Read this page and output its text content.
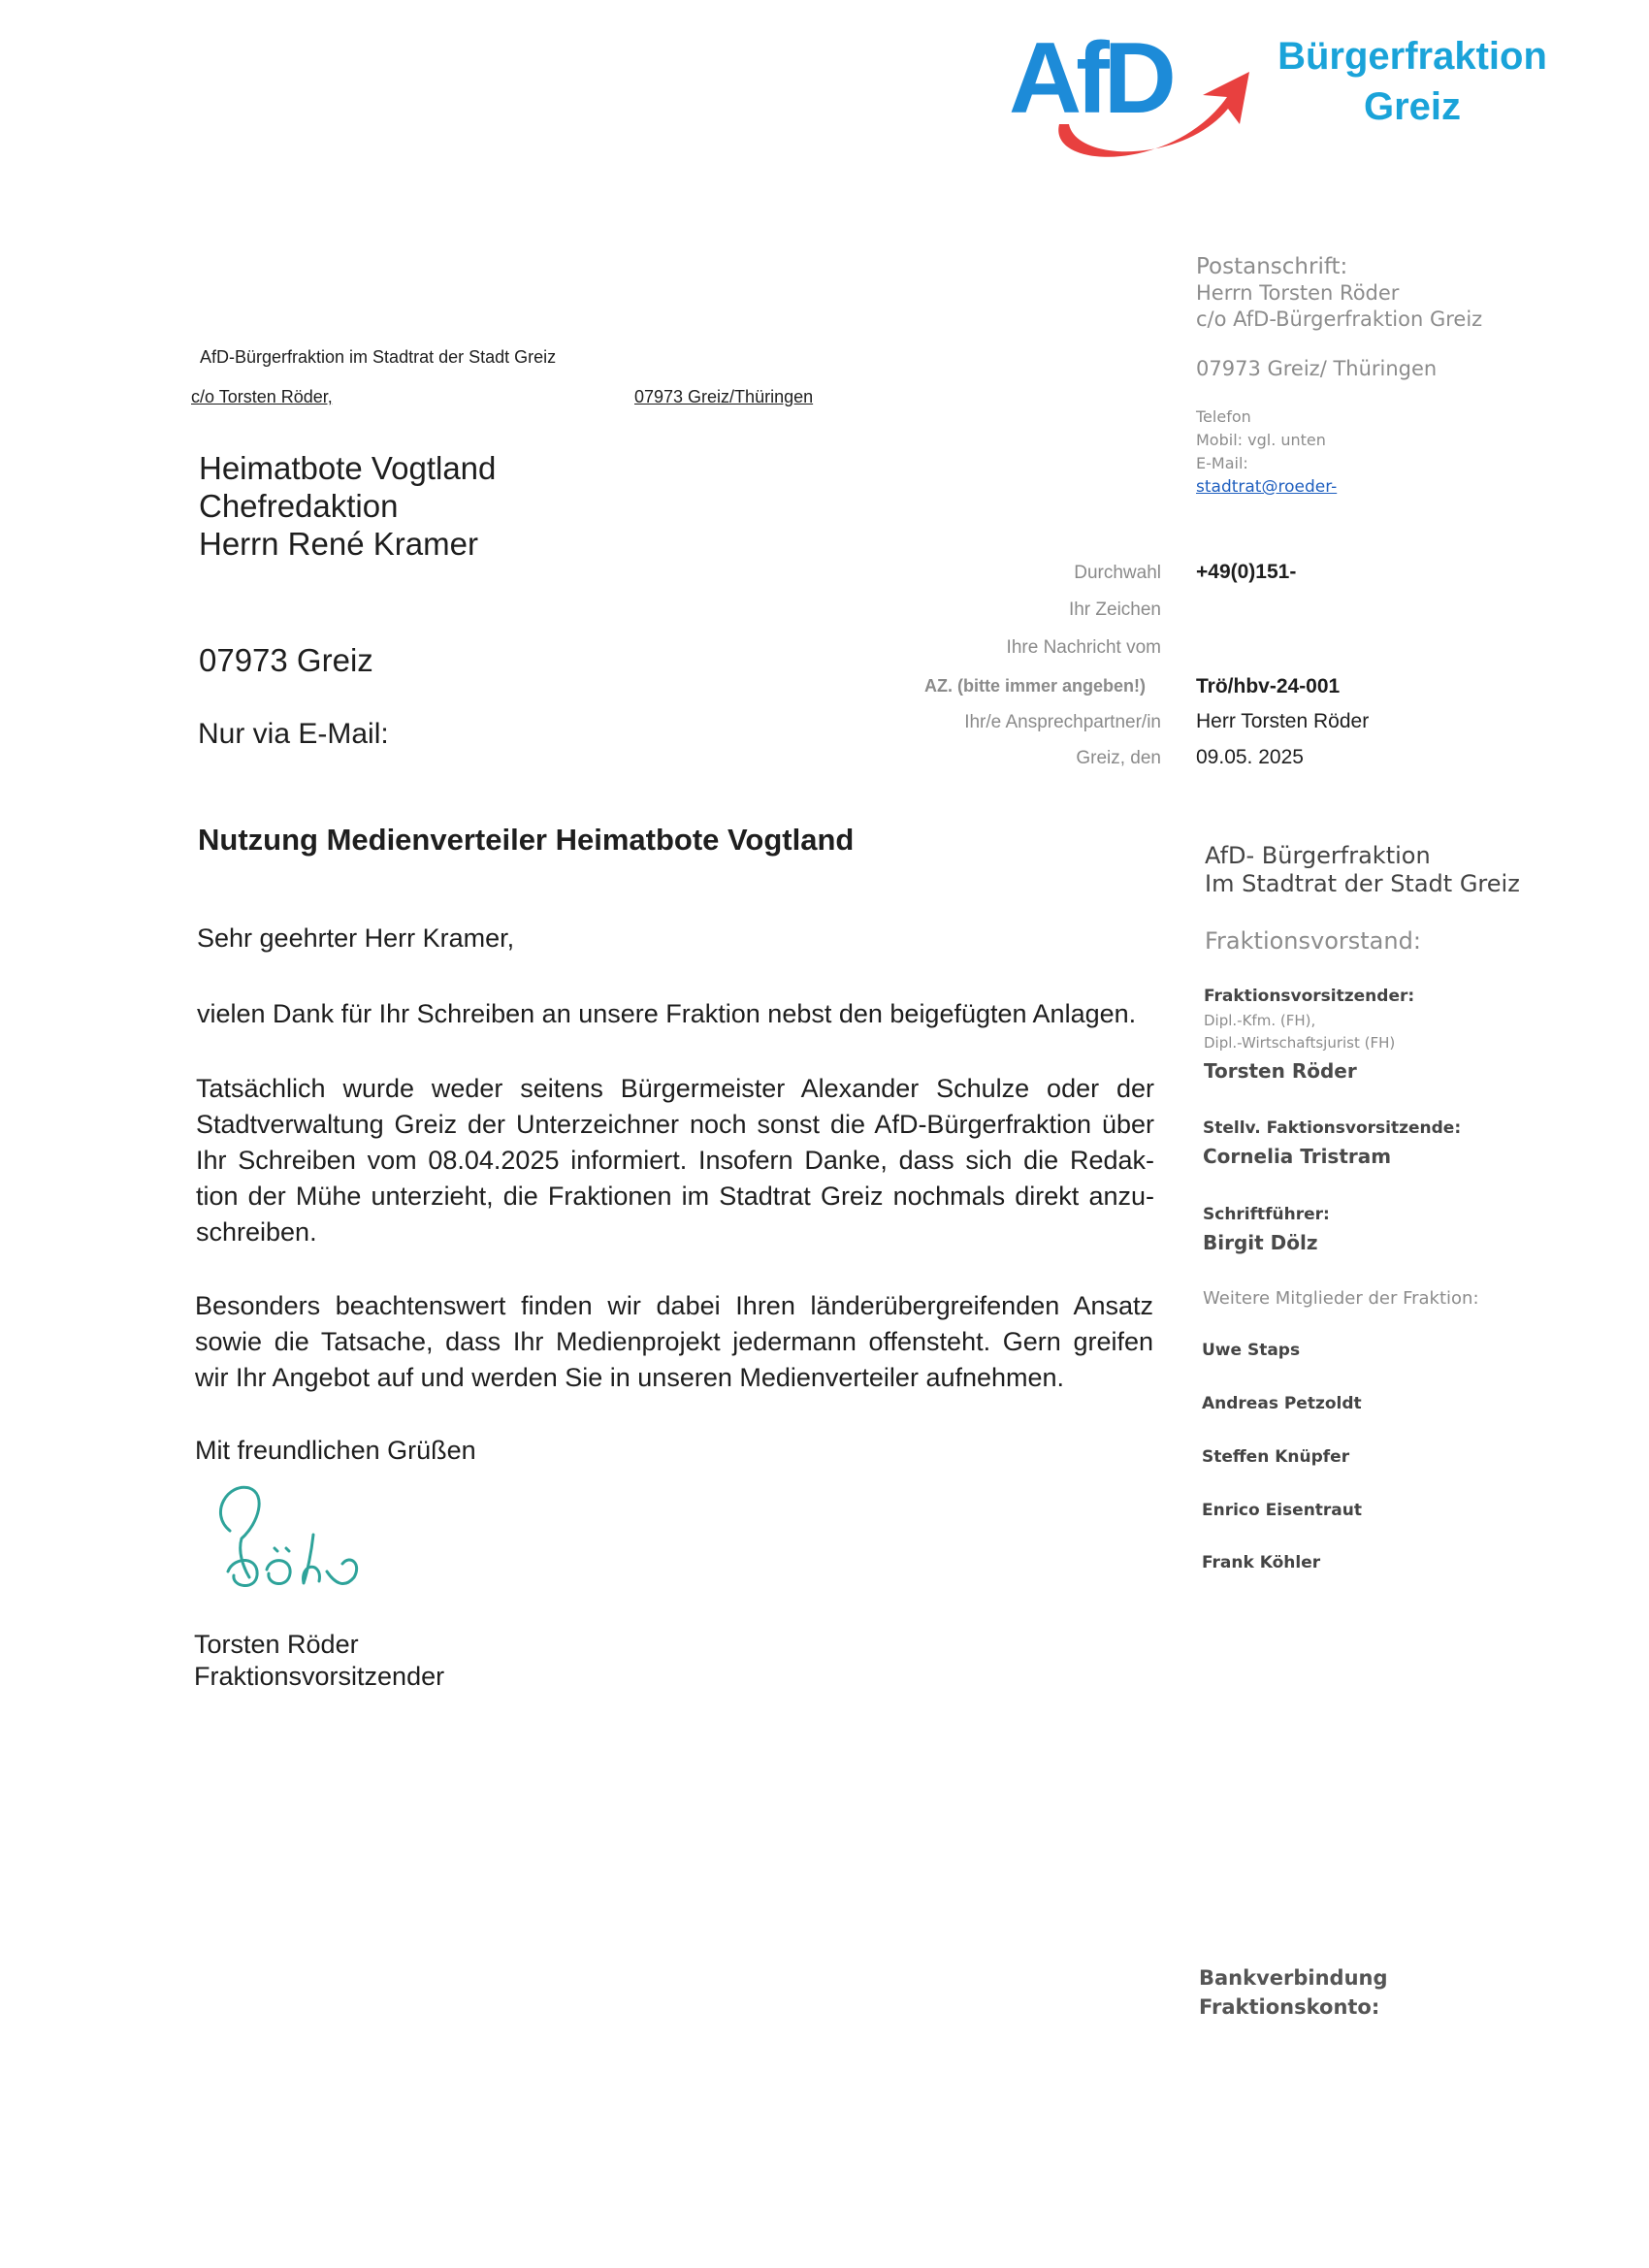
AfD	Bürgerfraktion
Greiz
AfD-Bürgerfraktion im Stadtrat der Stadt Greiz
c/o Torsten Röder,	07973 Greiz/Thüringen
Heimatbote Vogtland
Chefredaktion
Herrn René Kramer
07973 Greiz
Nur via E-Mail:
Postanschrift:
Herrn Torsten Röder
c/o AfD-Bürgerfraktion Greiz
07973 Greiz/ Thüringen
Telefon
Mobil: vgl. unten
E-Mail:
stadtrat@roeder-
Durchwahl +49(0)151-
Ihr Zeichen
Ihre Nachricht vom
AZ. (bitte immer angeben!) Trö/hbv-24-001
Ihr/e Ansprechpartner/in Herr Torsten Röder
Greiz, den 09.05. 2025
Nutzung Medienverteiler Heimatbote Vogtland
Sehr geehrter Herr Kramer,
vielen Dank für Ihr Schreiben an unsere Fraktion nebst den beigefügten Anlagen.
Tatsächlich wurde weder seitens Bürgermeister Alexander Schulze oder der
Stadtverwaltung Greiz der Unterzeichner noch sonst die AfD-Bürgerfraktion über
Ihr Schreiben vom 08.04.2025 informiert. Insofern Danke, dass sich die Redak-
tion der Mühe unterzieht, die Fraktionen im Stadtrat Greiz nochmals direkt anzu-
schreiben.
Besonders beachtenswert finden wir dabei Ihren länderübergreifenden Ansatz
sowie die Tatsache, dass Ihr Medienprojekt jedermann offensteht. Gern greifen
wir Ihr Angebot auf und werden Sie in unseren Medienverteiler aufnehmen.
Mit freundlichen Grüßen
Torsten Röder
Fraktionsvorsitzender
AfD- Bürgerfraktion
Im Stadtrat der Stadt Greiz
Fraktionsvorstand:
Fraktionsvorsitzender:
Dipl.-Kfm. (FH),
Dipl.-Wirtschaftsjurist (FH)
Torsten Röder
Stellv. Faktionsvorsitzende:
Cornelia Tristram
Schriftführer:
Birgit Dölz
Weitere Mitglieder der Fraktion:
Uwe Staps
Andreas Petzoldt
Steffen Knüpfer
Enrico Eisentraut
Frank Köhler
Bankverbindung
Fraktionskonto:
